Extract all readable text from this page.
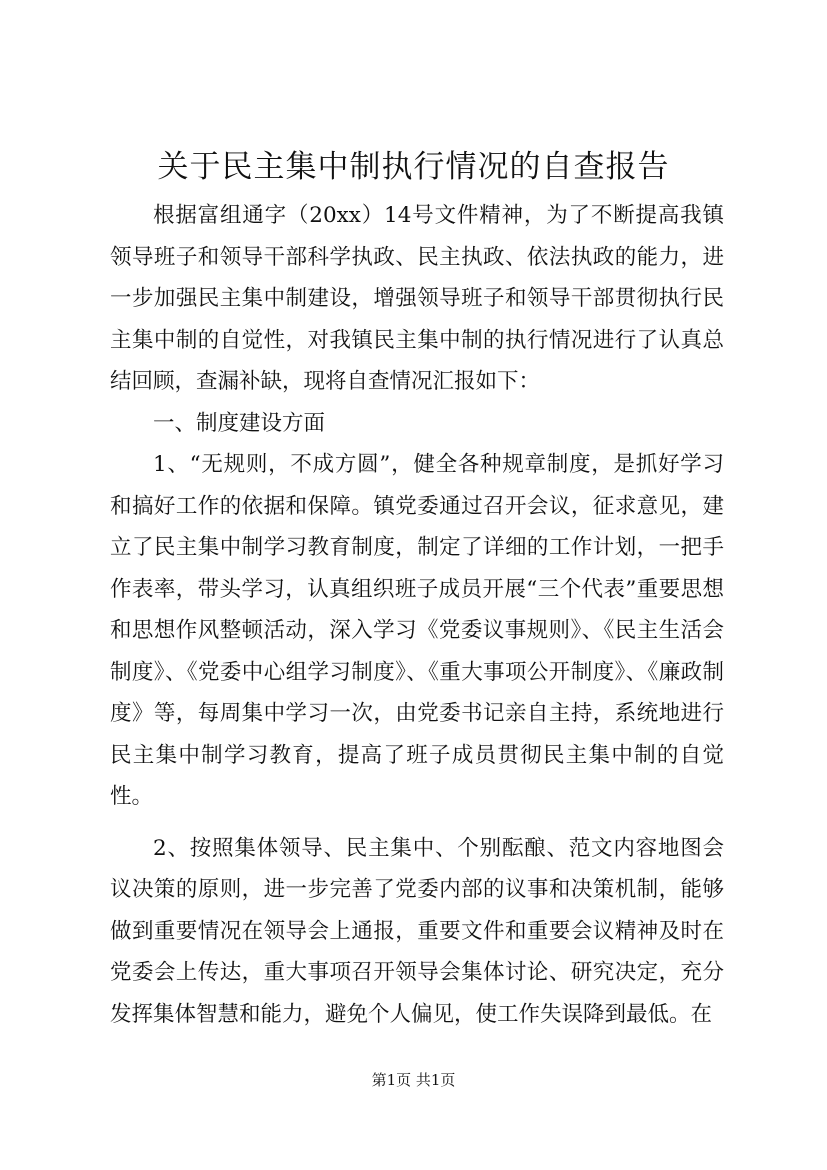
关于民主集中制执行情况的自查报告

根据富组通字（20xx）14号文件精神，为了不断提高我镇领导班子和领导干部科学执政、民主执政、依法执政的能力，进一步加强民主集中制建设，增强领导班子和领导干部贯彻执行民主集中制的自觉性，对我镇民主集中制的执行情况进行了认真总结回顾，查漏补缺，现将自查情况汇报如下：

一、制度建设方面

1、“无规则，不成方圆”，健全各种规章制度，是抓好学习和搞好工作的依据和保障。镇党委通过召开会议，征求意见，建立了民主集中制学习教育制度，制定了详细的工作计划，一把手作表率，带头学习，认真组织班子成员开展“三个代表”重要思想和思想作风整顿活动，深入学习《党委议事规则》、《民主生活会制度》、《党委中心组学习制度》、《重大事项公开制度》、《廉政制度》等，每周集中学习一次，由党委书记亲自主持，系统地进行民主集中制学习教育，提高了班子成员贯彻民主集中制的自觉性。

2、按照集体领导、民主集中、个别酝酿、范文内容地图会议决策的原则，进一步完善了党委内部的议事和决策机制，能够做到重要情况在领导会上通报，重要文件和重要会议精神及时在党委会上传达，重大事项召开领导会集体讨论、研究决定，充分发挥集体智慧和能力，避免个人偏见，使工作失误降到最低。在

第1页 共1页
